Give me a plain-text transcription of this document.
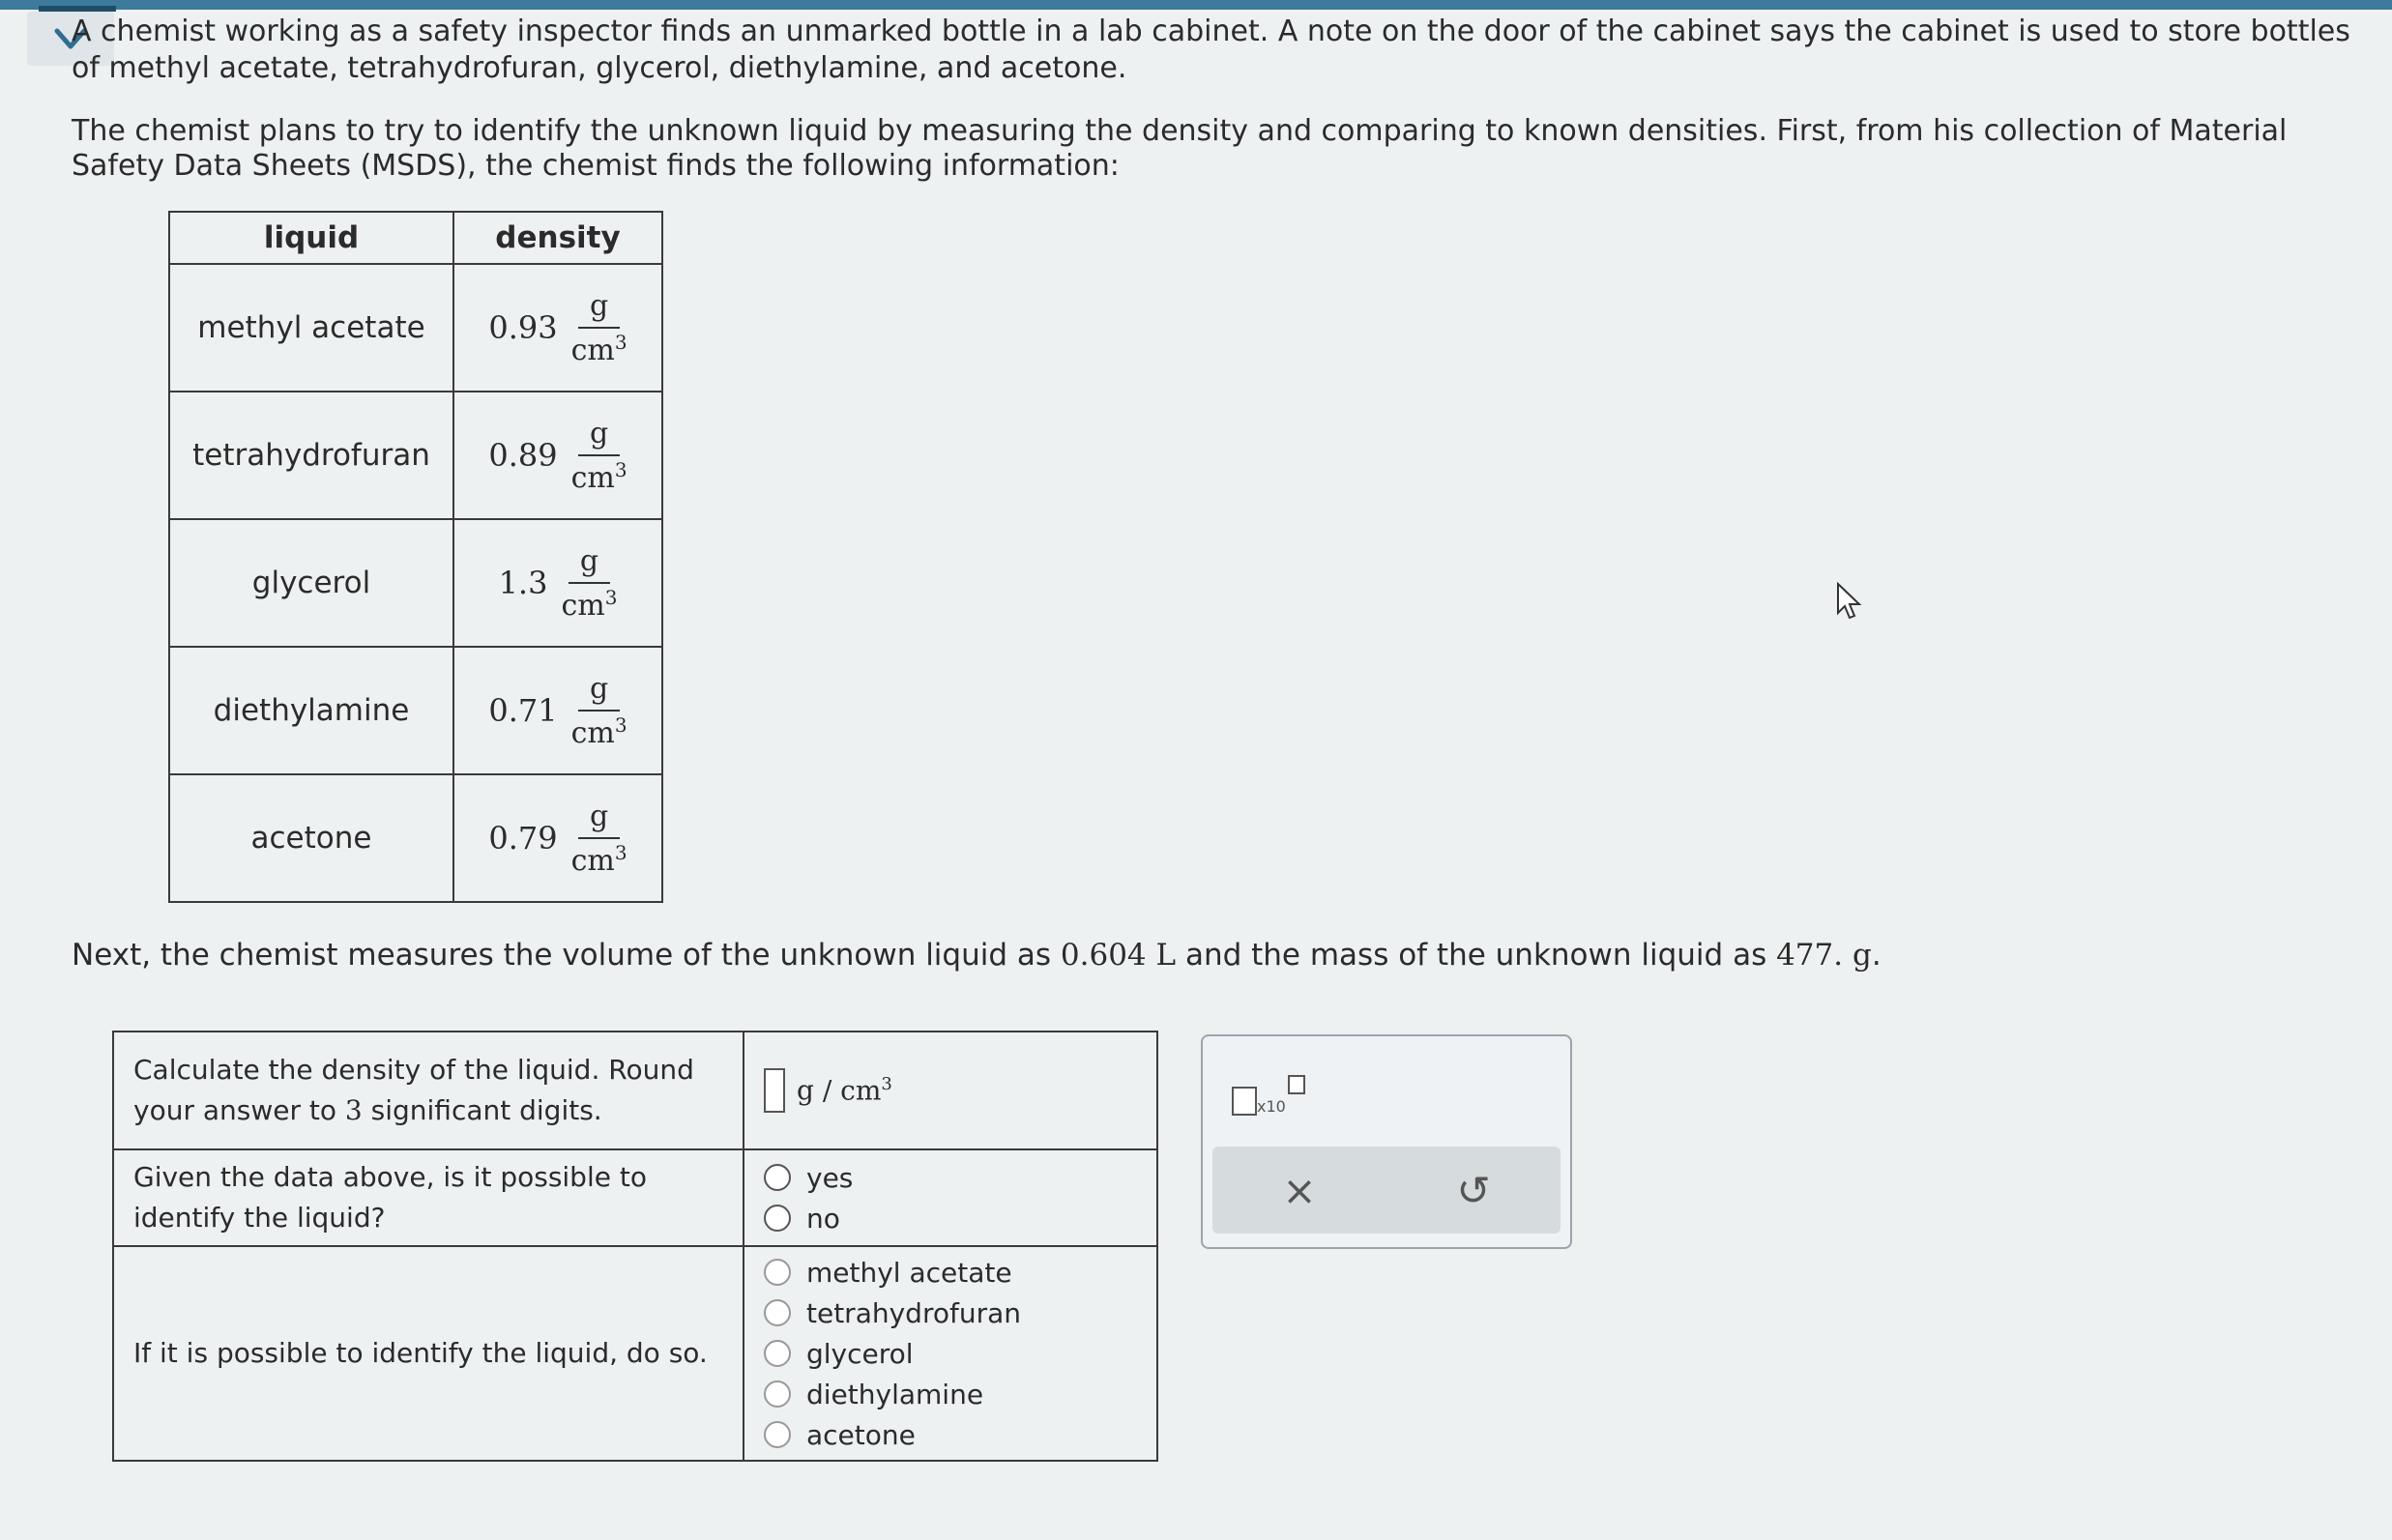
A chemist working as a safety inspector finds an unmarked bottle in a lab cabinet. A note on the door of the cabinet says the cabinet is used to store bottles of methyl acetate, tetrahydrofuran, glycerol, diethylamine, and acetone.

The chemist plans to try to identify the unknown liquid by measuring the density and comparing to known densities. First, from his collection of Material Safety Data Sheets (MSDS), the chemist finds the following information:

liquid	density
methyl acetate	$0.93 \frac{g}{cm^3}$

tetrahydrofuran	$0.89 \frac{g}{cm^3}$

glycerol	$1.3 \frac{g}{cm^3}$

diethylamine	$0.71 \frac{g}{cm^3}$

acetone	$0.79 \frac{g}{cm^3}$

Next, the chemist measures the volume of the unknown liquid as 0.604 L and the mass of the unknown liquid as 477. g.

Calculate the density of the liquid. Round your answer to 3 significant digits.	g / $cm^3$

Given the data above, is it possible to identify the liquid?	yes
no

If it is possible to identify the liquid, do so.	methyl acetate
tetrahydrofuran
glycerol
diethylamine
acetone
x10
×	↺
